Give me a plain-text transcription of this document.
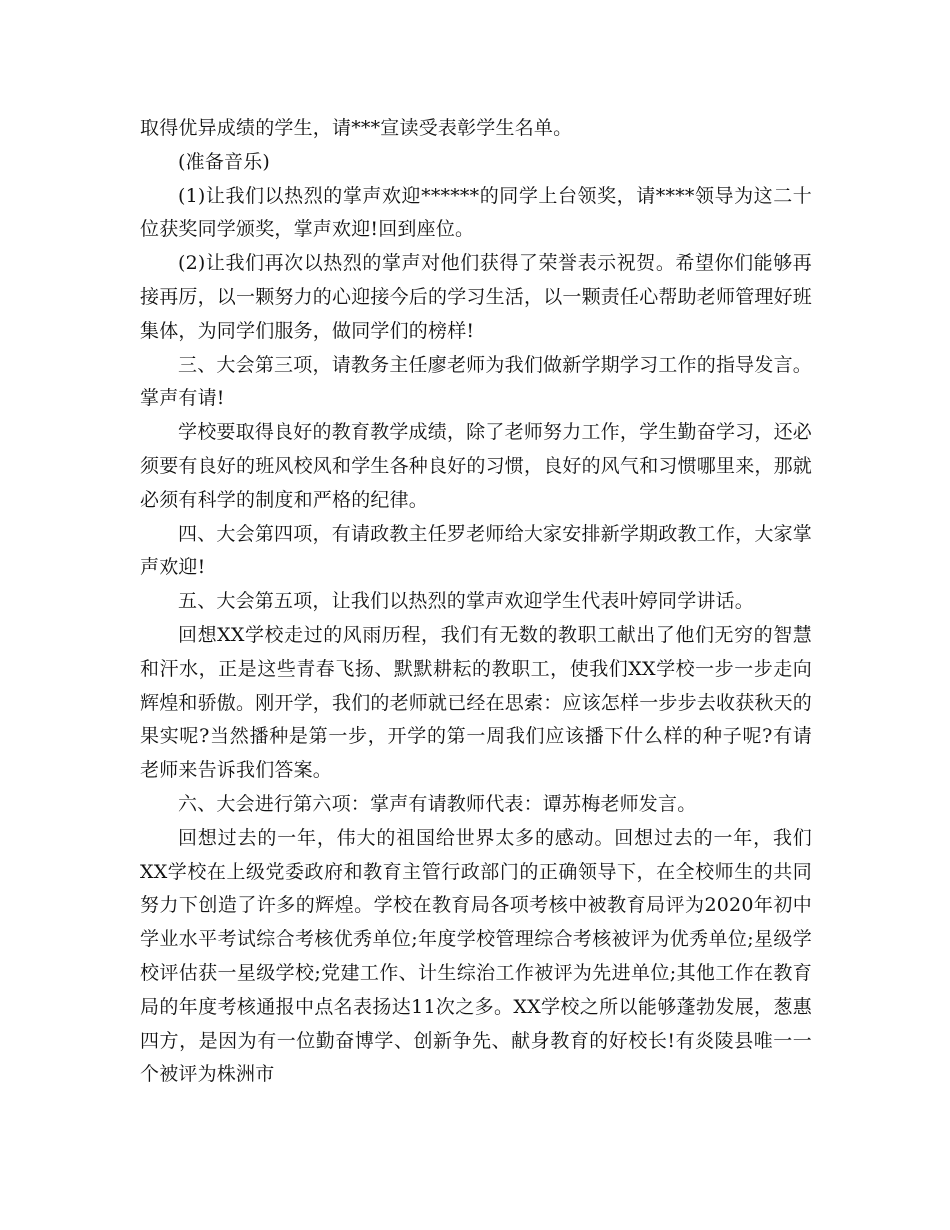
取得优异成绩的学生，请***宣读受表彰学生名单。

(准备音乐)

(1)让我们以热烈的掌声欢迎******的同学上台领奖，请****领导为这二十位获奖同学颁奖，掌声欢迎!回到座位。

(2)让我们再次以热烈的掌声对他们获得了荣誉表示祝贺。希望你们能够再接再厉，以一颗努力的心迎接今后的学习生活，以一颗责任心帮助老师管理好班集体，为同学们服务，做同学们的榜样!

三、大会第三项，请教务主任廖老师为我们做新学期学习工作的指导发言。掌声有请!

学校要取得良好的教育教学成绩，除了老师努力工作，学生勤奋学习，还必须要有良好的班风校风和学生各种良好的习惯，良好的风气和习惯哪里来，那就必须有科学的制度和严格的纪律。

四、大会第四项，有请政教主任罗老师给大家安排新学期政教工作，大家掌声欢迎!

五、大会第五项，让我们以热烈的掌声欢迎学生代表叶婷同学讲话。

回想XX学校走过的风雨历程，我们有无数的教职工献出了他们无穷的智慧和汗水，正是这些青春飞扬、默默耕耘的教职工，使我们XX学校一步一步走向辉煌和骄傲。刚开学，我们的老师就已经在思索：应该怎样一步步去收获秋天的果实呢?当然播种是第一步，开学的第一周我们应该播下什么样的种子呢?有请老师来告诉我们答案。

六、大会进行第六项：掌声有请教师代表：谭苏梅老师发言。

回想过去的一年，伟大的祖国给世界太多的感动。回想过去的一年，我们XX学校在上级党委政府和教育主管行政部门的正确领导下，在全校师生的共同努力下创造了许多的辉煌。学校在教育局各项考核中被教育局评为2020年初中学业水平考试综合考核优秀单位;年度学校管理综合考核被评为优秀单位;星级学校评估获一星级学校;党建工作、计生综治工作被评为先进单位;其他工作在教育局的年度考核通报中点名表扬达11次之多。XX学校之所以能够蓬勃发展，葱惠四方，是因为有一位勤奋博学、创新争先、献身教育的好校长!有炎陵县唯一一个被评为株洲市
